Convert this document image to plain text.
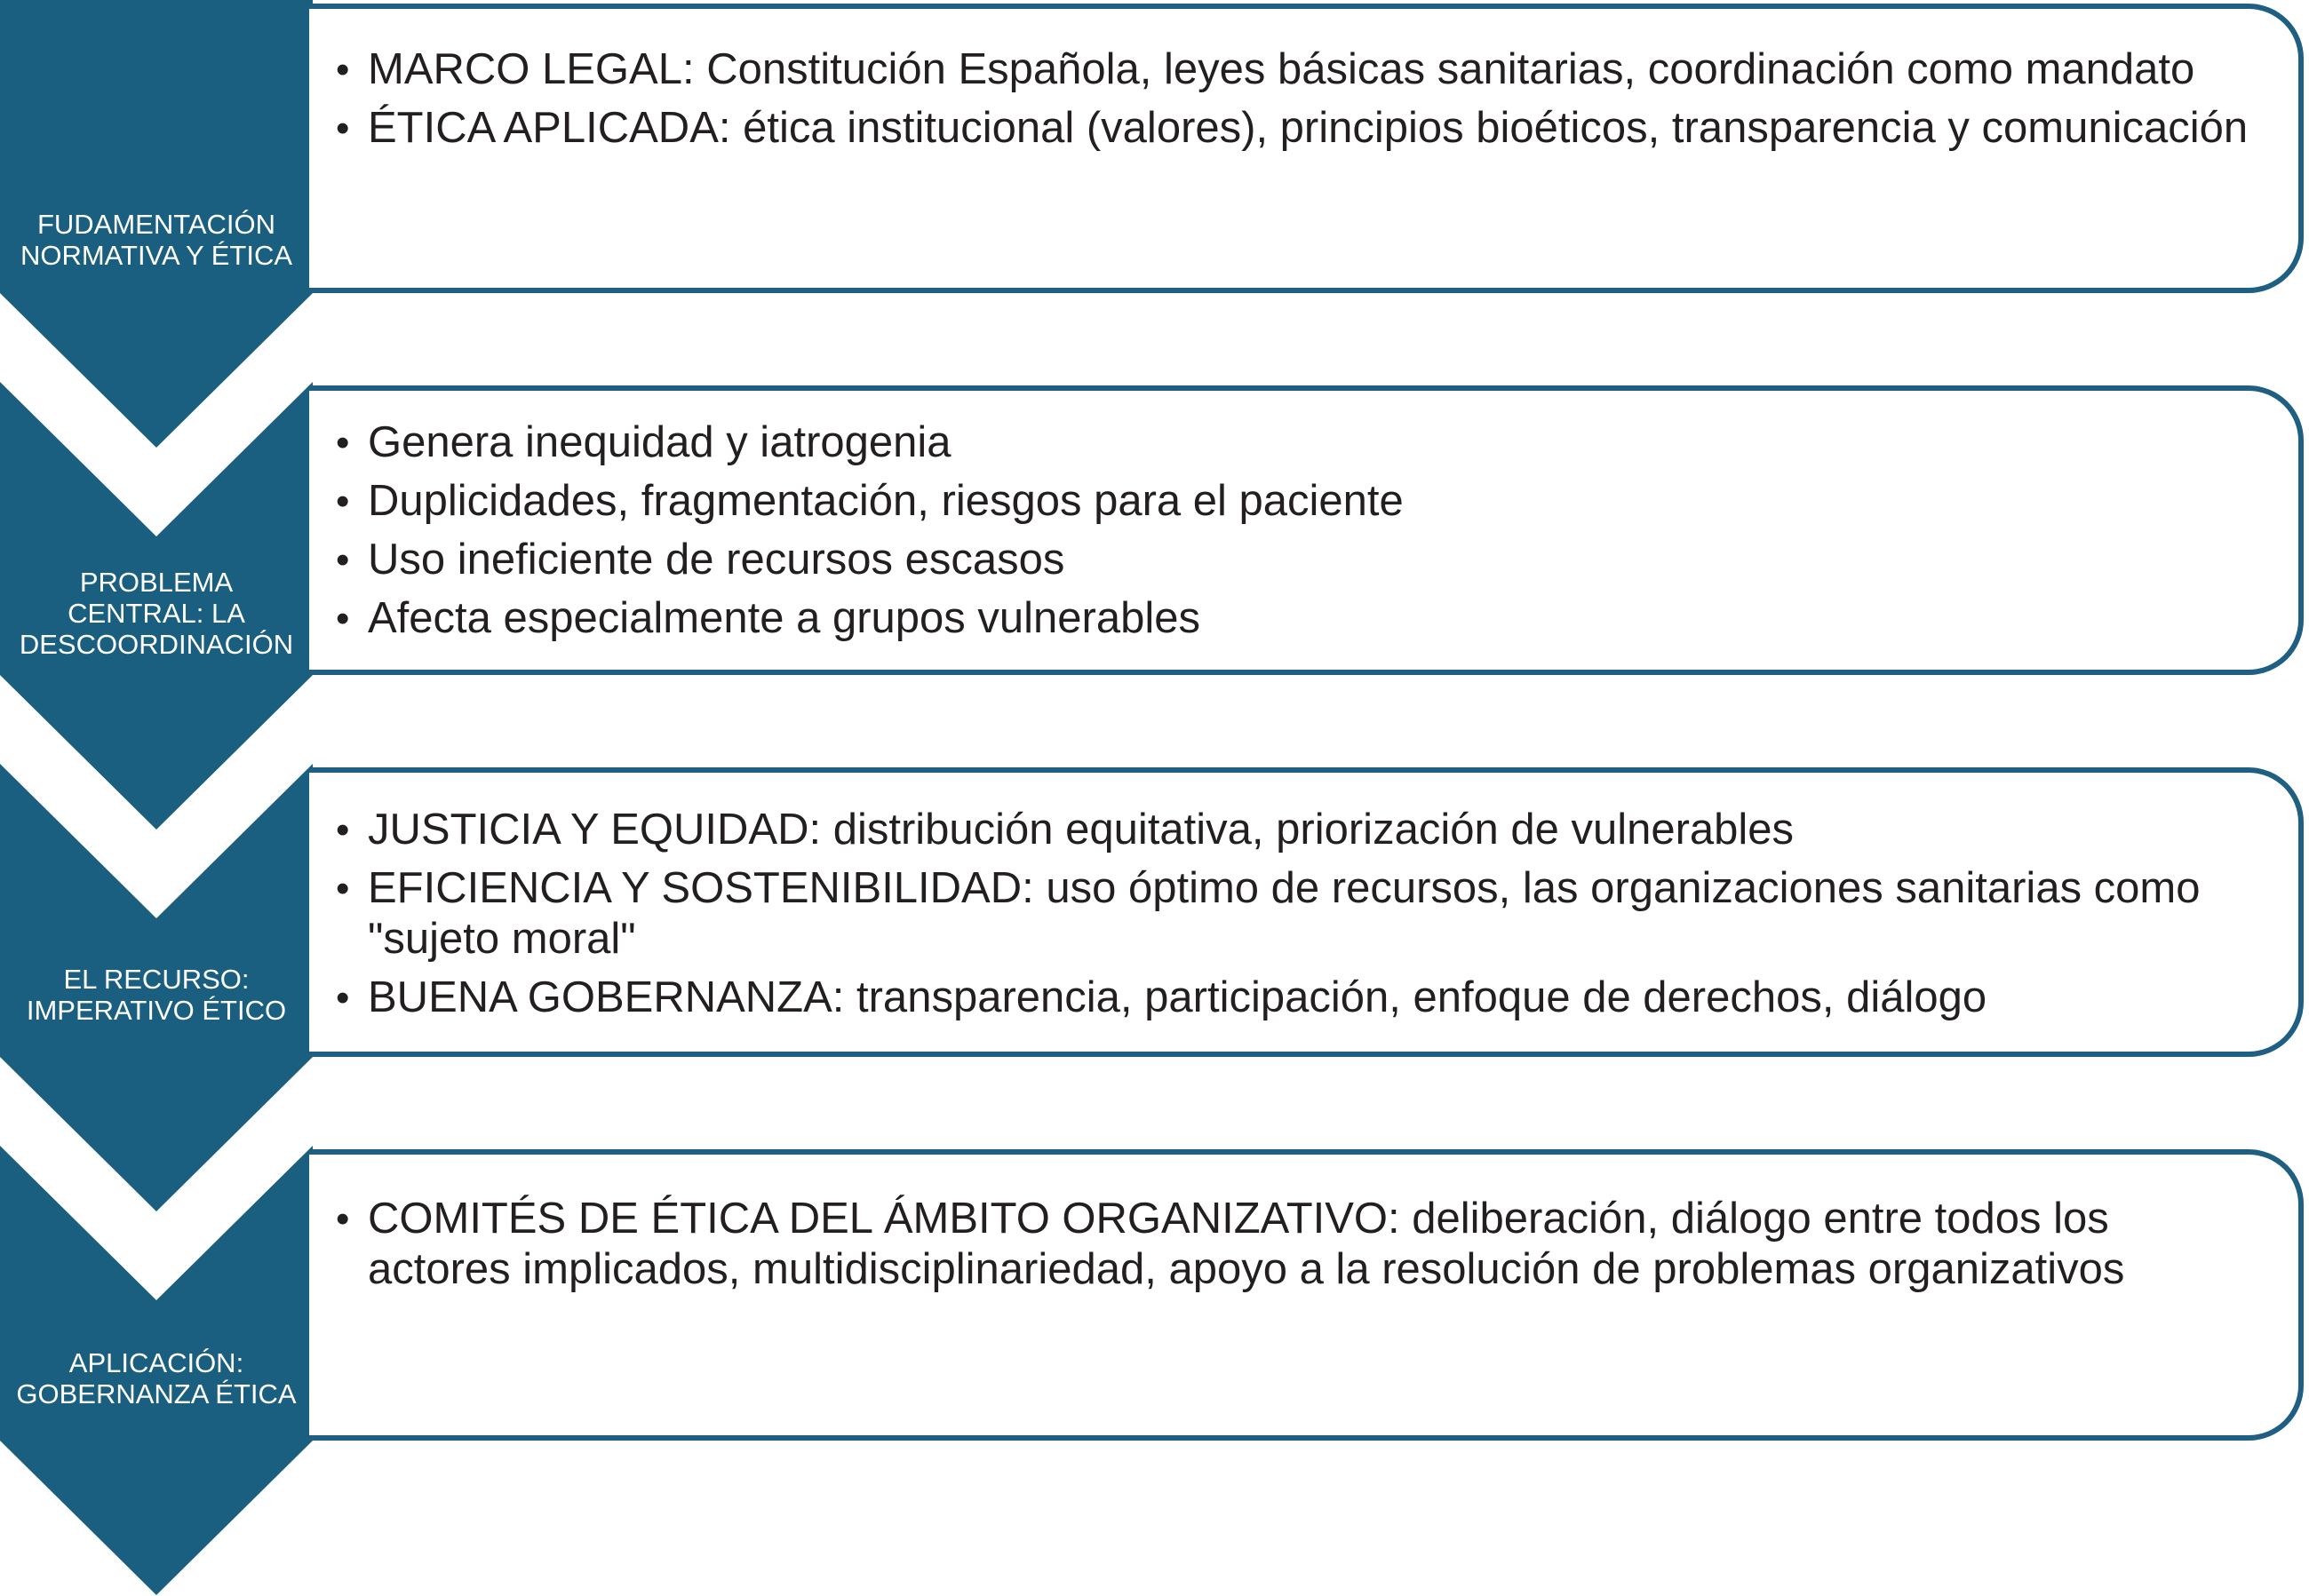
FUDAMENTACIÓN
NORMATIVA Y ÉTICA
PROBLEMA
CENTRAL: LA
DESCOORDINACIÓN
EL RECURSO:
IMPERATIVO ÉTICO
APLICACIÓN:
GOBERNANZA ÉTICA
• MARCO LEGAL: Constitución Española, leyes básicas sanitarias, coordinación como mandato
• ÉTICA APLICADA: ética institucional (valores), principios bioéticos, transparencia y comunicación
• Genera inequidad y iatrogenia
• Duplicidades, fragmentación, riesgos para el paciente
• Uso ineficiente de recursos escasos
• Afecta especialmente a grupos vulnerables
• JUSTICIA Y EQUIDAD: distribución equitativa, priorización de vulnerables
• EFICIENCIA Y SOSTENIBILIDAD: uso óptimo de recursos, las organizaciones sanitarias como "sujeto moral"
• BUENA GOBERNANZA: transparencia, participación, enfoque de derechos, diálogo
• COMITÉS DE ÉTICA DEL ÁMBITO ORGANIZATIVO: deliberación, diálogo entre todos los actores implicados, multidisciplinariedad, apoyo a la resolución de problemas organizativos
